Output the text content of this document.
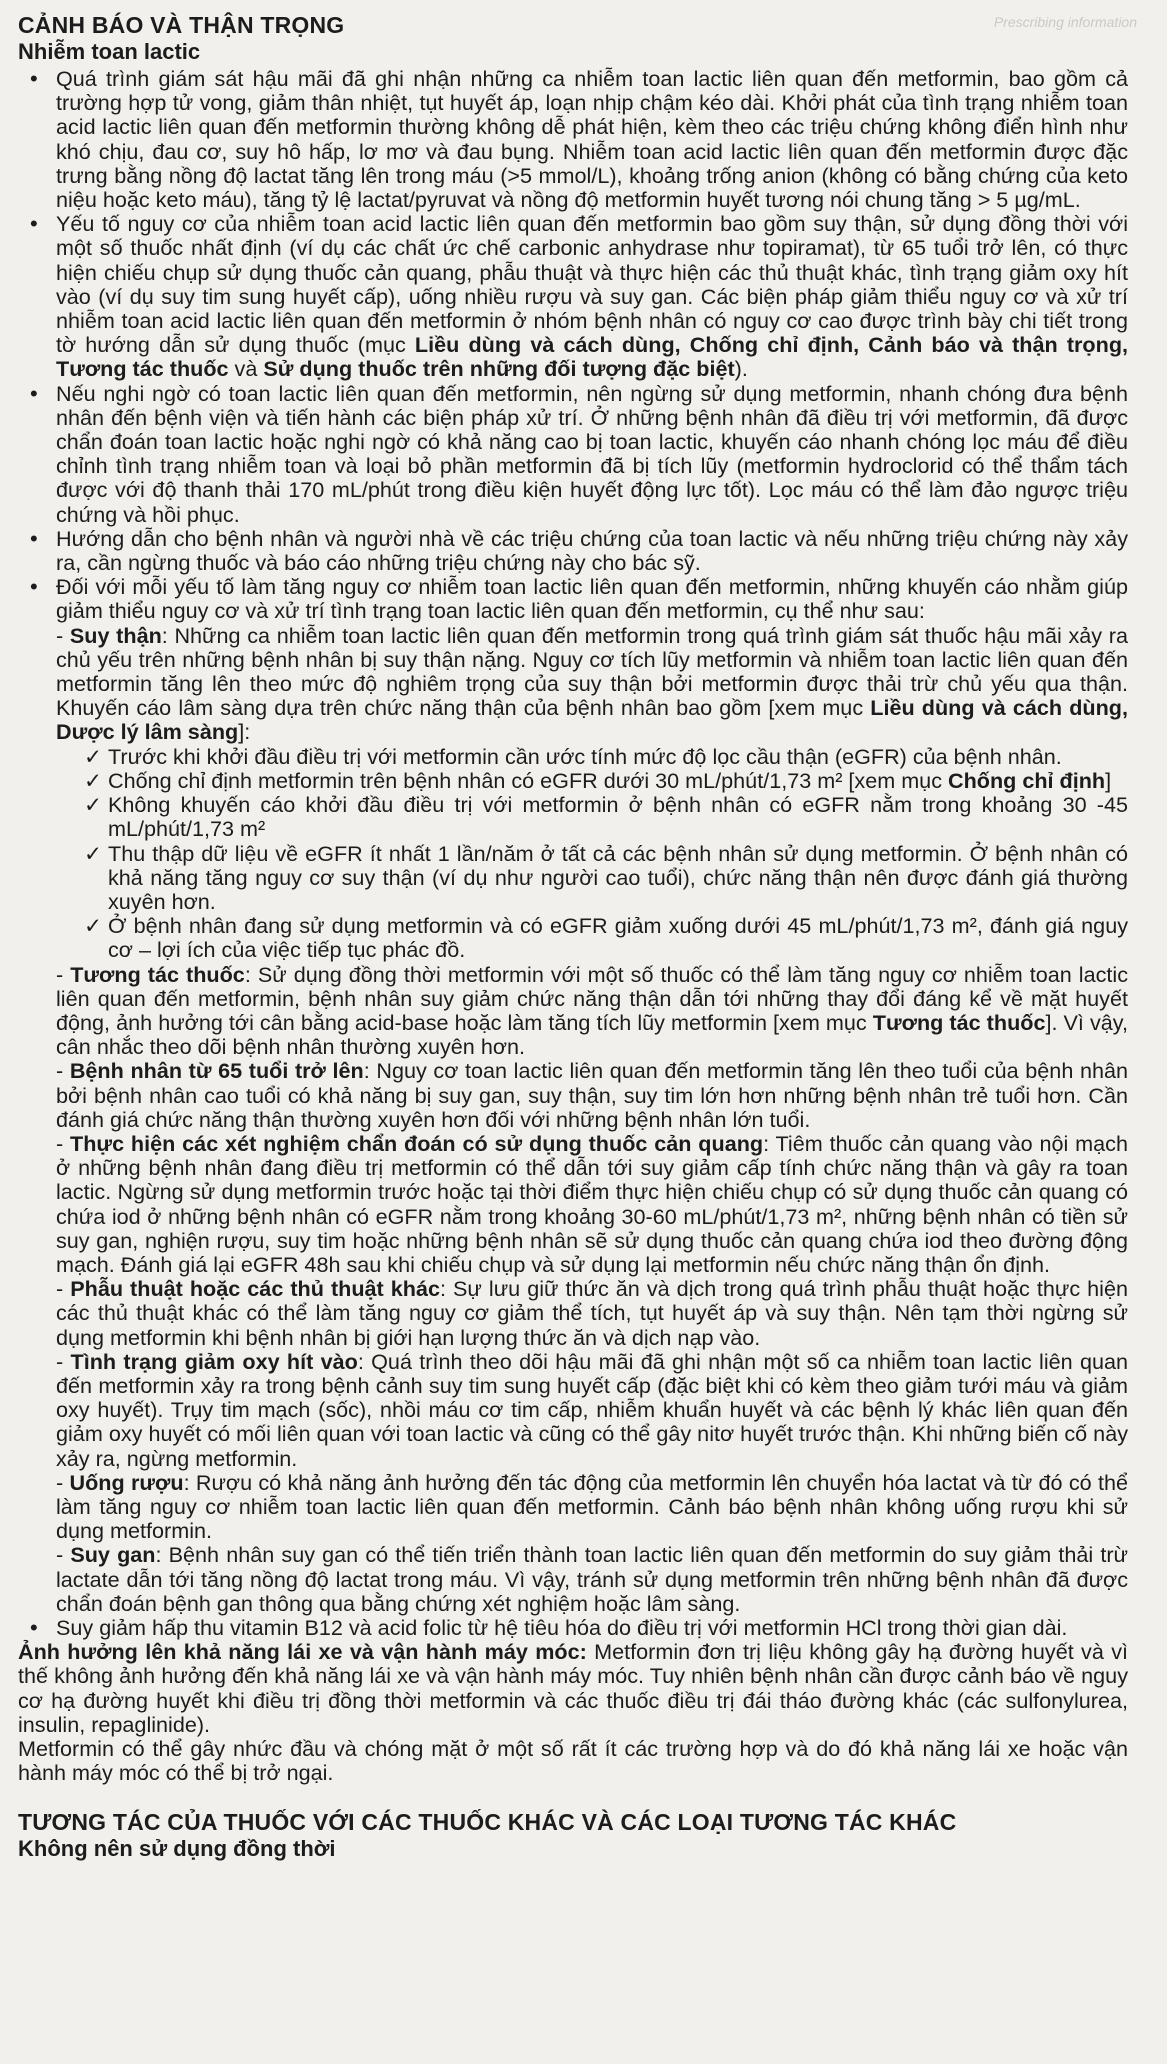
Prescribing information
CẢNH BÁO VÀ THẬN TRỌNG
Nhiễm toan lactic
• Quá trình giám sát hậu mãi đã ghi nhận những ca nhiễm toan lactic liên quan đến metformin, bao gồm cả trường hợp tử vong, giảm thân nhiệt, tụt huyết áp, loạn nhịp chậm kéo dài. Khởi phát của tình trạng nhiễm toan acid lactic liên quan đến metformin thường không dễ phát hiện, kèm theo các triệu chứng không điển hình như khó chịu, đau cơ, suy hô hấp, lơ mơ và đau bụng. Nhiễm toan acid lactic liên quan đến metformin được đặc trưng bằng nồng độ lactat tăng lên trong máu (>5 mmol/L), khoảng trống anion (không có bằng chứng của keto niệu hoặc keto máu), tăng tỷ lệ lactat/pyruvat và nồng độ metformin huyết tương nói chung tăng > 5 µg/mL.
• Yếu tố nguy cơ của nhiễm toan acid lactic liên quan đến metformin bao gồm suy thận, sử dụng đồng thời với một số thuốc nhất định (ví dụ các chất ức chế carbonic anhydrase như topiramat), từ 65 tuổi trở lên, có thực hiện chiếu chụp sử dụng thuốc cản quang, phẫu thuật và thực hiện các thủ thuật khác, tình trạng giảm oxy hít vào (ví dụ suy tim sung huyết cấp), uống nhiều rượu và suy gan. Các biện pháp giảm thiểu nguy cơ và xử trí nhiễm toan acid lactic liên quan đến metformin ở nhóm bệnh nhân có nguy cơ cao được trình bày chi tiết trong tờ hướng dẫn sử dụng thuốc (mục Liều dùng và cách dùng, Chống chỉ định, Cảnh báo và thận trọng, Tương tác thuốc và Sử dụng thuốc trên những đối tượng đặc biệt).
• Nếu nghi ngờ có toan lactic liên quan đến metformin, nên ngừng sử dụng metformin, nhanh chóng đưa bệnh nhân đến bệnh viện và tiến hành các biện pháp xử trí. Ở những bệnh nhân đã điều trị với metformin, đã được chẩn đoán toan lactic hoặc nghi ngờ có khả năng cao bị toan lactic, khuyến cáo nhanh chóng lọc máu để điều chỉnh tình trạng nhiễm toan và loại bỏ phần metformin đã bị tích lũy (metformin hydroclorid có thể thẩm tách được với độ thanh thải 170 mL/phút trong điều kiện huyết động lực tốt). Lọc máu có thể làm đảo ngược triệu chứng và hồi phục.
• Hướng dẫn cho bệnh nhân và người nhà về các triệu chứng của toan lactic và nếu những triệu chứng này xảy ra, cần ngừng thuốc và báo cáo những triệu chứng này cho bác sỹ.
• Đối với mỗi yếu tố làm tăng nguy cơ nhiễm toan lactic liên quan đến metformin, những khuyến cáo nhằm giúp giảm thiểu nguy cơ và xử trí tình trạng toan lactic liên quan đến metformin, cụ thể như sau:
- Suy thận: Những ca nhiễm toan lactic liên quan đến metformin trong quá trình giám sát thuốc hậu mãi xảy ra chủ yếu trên những bệnh nhân bị suy thận nặng. Nguy cơ tích lũy metformin và nhiễm toan lactic liên quan đến metformin tăng lên theo mức độ nghiêm trọng của suy thận bởi metformin được thải trừ chủ yếu qua thận. Khuyến cáo lâm sàng dựa trên chức năng thận của bệnh nhân bao gồm [xem mục Liều dùng và cách dùng, Dược lý lâm sàng]:
✓ Trước khi khởi đầu điều trị với metformin cần ước tính mức độ lọc cầu thận (eGFR) của bệnh nhân.
✓ Chống chỉ định metformin trên bệnh nhân có eGFR dưới 30 mL/phút/1,73 m² [xem mục Chống chỉ định]
✓ Không khuyến cáo khởi đầu điều trị với metformin ở bệnh nhân có eGFR nằm trong khoảng 30 -45 mL/phút/1,73 m²
✓ Thu thập dữ liệu về eGFR ít nhất 1 lần/năm ở tất cả các bệnh nhân sử dụng metformin. Ở bệnh nhân có khả năng tăng nguy cơ suy thận (ví dụ như người cao tuổi), chức năng thận nên được đánh giá thường xuyên hơn.
✓ Ở bệnh nhân đang sử dụng metformin và có eGFR giảm xuống dưới 45 mL/phút/1,73 m², đánh giá nguy cơ – lợi ích của việc tiếp tục phác đồ.
- Tương tác thuốc: Sử dụng đồng thời metformin với một số thuốc có thể làm tăng nguy cơ nhiễm toan lactic liên quan đến metformin, bệnh nhân suy giảm chức năng thận dẫn tới những thay đổi đáng kể về mặt huyết động, ảnh hưởng tới cân bằng acid-base hoặc làm tăng tích lũy metformin [xem mục Tương tác thuốc]. Vì vậy, cân nhắc theo dõi bệnh nhân thường xuyên hơn.
- Bệnh nhân từ 65 tuổi trở lên: Nguy cơ toan lactic liên quan đến metformin tăng lên theo tuổi của bệnh nhân bởi bệnh nhân cao tuổi có khả năng bị suy gan, suy thận, suy tim lớn hơn những bệnh nhân trẻ tuổi hơn. Cần đánh giá chức năng thận thường xuyên hơn đối với những bệnh nhân lớn tuổi.
- Thực hiện các xét nghiệm chẩn đoán có sử dụng thuốc cản quang: Tiêm thuốc cản quang vào nội mạch ở những bệnh nhân đang điều trị metformin có thể dẫn tới suy giảm cấp tính chức năng thận và gây ra toan lactic. Ngừng sử dụng metformin trước hoặc tại thời điểm thực hiện chiếu chụp có sử dụng thuốc cản quang có chứa iod ở những bệnh nhân có eGFR nằm trong khoảng 30-60 mL/phút/1,73 m², những bệnh nhân có tiền sử suy gan, nghiện rượu, suy tim hoặc những bệnh nhân sẽ sử dụng thuốc cản quang chứa iod theo đường động mạch. Đánh giá lại eGFR 48h sau khi chiếu chụp và sử dụng lại metformin nếu chức năng thận ổn định.
- Phẫu thuật hoặc các thủ thuật khác: Sự lưu giữ thức ăn và dịch trong quá trình phẫu thuật hoặc thực hiện các thủ thuật khác có thể làm tăng nguy cơ giảm thể tích, tụt huyết áp và suy thận. Nên tạm thời ngừng sử dụng metformin khi bệnh nhân bị giới hạn lượng thức ăn và dịch nạp vào.
- Tình trạng giảm oxy hít vào: Quá trình theo dõi hậu mãi đã ghi nhận một số ca nhiễm toan lactic liên quan đến metformin xảy ra trong bệnh cảnh suy tim sung huyết cấp (đặc biệt khi có kèm theo giảm tưới máu và giảm oxy huyết). Trụy tim mạch (sốc), nhồi máu cơ tim cấp, nhiễm khuẩn huyết và các bệnh lý khác liên quan đến giảm oxy huyết có mối liên quan với toan lactic và cũng có thể gây nitơ huyết trước thận. Khi những biến cố này xảy ra, ngừng metformin.
- Uống rượu: Rượu có khả năng ảnh hưởng đến tác động của metformin lên chuyển hóa lactat và từ đó có thể làm tăng nguy cơ nhiễm toan lactic liên quan đến metformin. Cảnh báo bệnh nhân không uống rượu khi sử dụng metformin.
- Suy gan: Bệnh nhân suy gan có thể tiến triển thành toan lactic liên quan đến metformin do suy giảm thải trừ lactate dẫn tới tăng nồng độ lactat trong máu. Vì vậy, tránh sử dụng metformin trên những bệnh nhân đã được chẩn đoán bệnh gan thông qua bằng chứng xét nghiệm hoặc lâm sàng.
• Suy giảm hấp thu vitamin B12 và acid folic từ hệ tiêu hóa do điều trị với metformin HCl trong thời gian dài.

Ảnh hưởng lên khả năng lái xe và vận hành máy móc: Metformin đơn trị liệu không gây hạ đường huyết và vì thế không ảnh hưởng đến khả năng lái xe và vận hành máy móc. Tuy nhiên bệnh nhân cần được cảnh báo về nguy cơ hạ đường huyết khi điều trị đồng thời metformin và các thuốc điều trị đái tháo đường khác (các sulfonylurea, insulin, repaglinide).

Metformin có thể gây nhức đầu và chóng mặt ở một số rất ít các trường hợp và do đó khả năng lái xe hoặc vận hành máy móc có thể bị trở ngại.

TƯƠNG TÁC CỦA THUỐC VỚI CÁC THUỐC KHÁC VÀ CÁC LOẠI TƯƠNG TÁC KHÁC
Không nên sử dụng đồng thời
